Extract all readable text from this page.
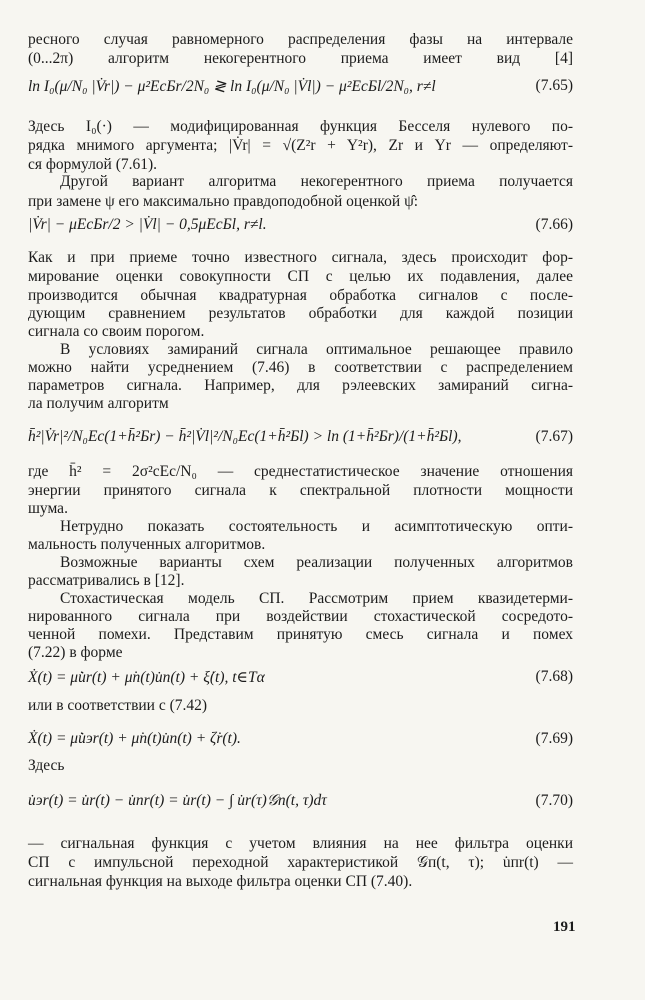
ресного случая равномерного распределения фазы на интервале
(0...2π) алгоритм некогерентного приема имеет вид [4]
ln I₀(μ/N₀ |V̇r|) − μ²EcБr/2N₀ ≷ ln I₀(μ/N₀ |V̇l|) − μ²EcБl/2N₀, r≠l	(7.65)
Здесь I₀(·) — модифицированная функция Бесселя нулевого по-
рядка мнимого аргумента; |V̇r| = √(Z²r + Y²r), Zr и Yr — определяют-
ся формулой (7.61).
Другой вариант алгоритма некогерентного приема получается
при замене ψ его максимально правдоподобной оценкой ψ̂:
|V̇r| − μEcБr/2 > |V̇l| − 0,5μEcБl, r≠l.	(7.66)
Как и при приеме точно известного сигнала, здесь происходит фор-
мирование оценки совокупности СП с целью их подавления, далее
производится обычная квадратурная обработка сигналов с после-
дующим сравнением результатов обработки для каждой позиции
сигнала со своим порогом.
В условиях замираний сигнала оптимальное решающее правило
можно найти усреднением (7.46) в соответствии с распределением
параметров сигнала. Например, для рэлеевских замираний сигна-
ла получим алгоритм
h̄²|V̇r|²/N₀Ec(1+h̄²Бr) − h̄²|V̇l|²/N₀Ec(1+h̄²Бl) > ln (1+h̄²Бr)/(1+h̄²Бl),	(7.67)
где h̄² = 2σ²cEc/N₀ — среднестатистическое значение отношения
энергии принятого сигнала к спектральной плотности мощности
шума.
Нетрудно показать состоятельность и асимптотическую опти-
мальность полученных алгоритмов.
Возможные варианты схем реализации полученных алгоритмов
рассматривались в [12].
Стохастическая модель СП. Рассмотрим прием квазидетерми-
нированного сигнала при воздействии стохастической сосредото-
ченной помехи. Представим принятую смесь сигнала и помех
(7.22) в форме
Ẋ(t) = μ̇u̇r(t) + μ̇п(t)u̇п(t) + ξ̇(t), t∈Tα	(7.68)
или в соответствии с (7.42)
Ẋ(t) = μ̇u̇эr(t) + μ̇п(t)u̇п(t) + ζ̇r(t).	(7.69)
Здесь
u̇эr(t) = u̇r(t) − u̇пr(t) = u̇r(t) − ∫ u̇r(τ)𝒢п(t, τ)dτ	(7.70)
— сигнальная функция с учетом влияния на нее фильтра оценки
СП с импульсной переходной характеристикой 𝒢п(t, τ); u̇пr(t) —
сигнальная функция на выходе фильтра оценки СП (7.40).
191
